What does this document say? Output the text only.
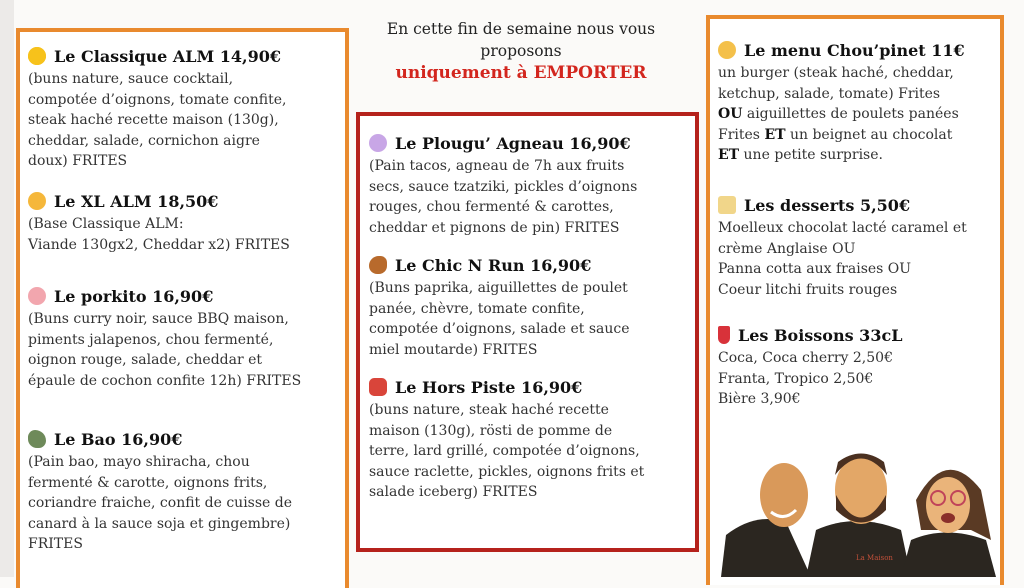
Le Classique ALM 14,90€
(buns nature, sauce cocktail,
compotée d’oignons, tomate confite,
steak haché recette maison (130g),
cheddar, salade, cornichon aigre
doux) FRITES
Le XL ALM 18,50€
(Base Classique ALM:
Viande 130gx2, Cheddar x2) FRITES
Le porkito 16,90€
(Buns curry noir, sauce BBQ maison,
piments jalapenos, chou fermenté,
oignon rouge, salade, cheddar et
épaule de cochon confite 12h) FRITES
Le Bao 16,90€
(Pain bao, mayo shiracha, chou
fermenté & carotte, oignons frits,
coriandre fraiche, confit de cuisse de
canard à la sauce soja et gingembre)
FRITES
En cette fin de semaine nous vous
proposons
uniquement à EMPORTER
Le Plougu’ Agneau 16,90€
(Pain tacos, agneau de 7h aux fruits
secs, sauce tzatziki, pickles d’oignons
rouges, chou fermenté & carottes,
cheddar et pignons de pin) FRITES
Le Chic N Run 16,90€
(Buns paprika, aiguillettes de poulet
panée, chèvre, tomate confite,
compotée d’oignons, salade et sauce
miel moutarde) FRITES
Le Hors Piste 16,90€
(buns nature, steak haché recette
maison (130g), rösti de pomme de
terre, lard grillé, compotée d’oignons,
sauce raclette, pickles, oignons frits et
salade iceberg) FRITES
Le menu Chou’pinet 11€
un burger (steak haché, cheddar,
ketchup, salade, tomate) Frites
OU aiguillettes de poulets panées
Frites ET un beignet au chocolat
ET une petite surprise.
Les desserts 5,50€
Moelleux chocolat lacté caramel et
crème Anglaise OU
Panna cotta aux fraises OU
Coeur litchi fruits rouges
Les Boissons 33cL
Coca, Coca cherry 2,50€
Franta, Tropico 2,50€
Bière 3,90€
La Maison
